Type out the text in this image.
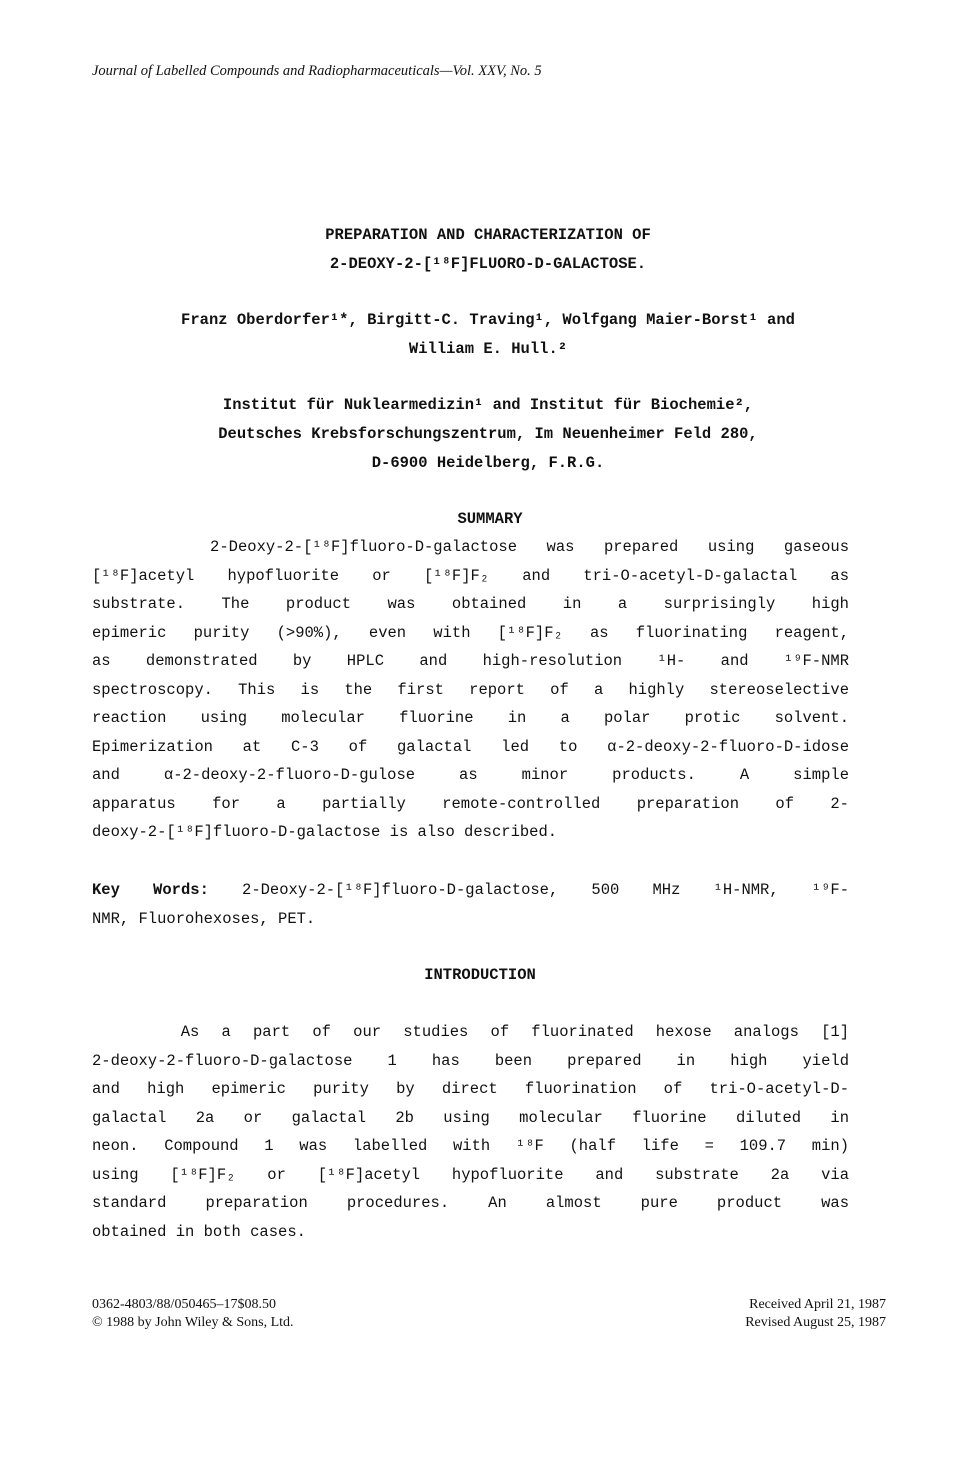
Journal of Labelled Compounds and Radiopharmaceuticals—Vol. XXV, No. 5
PREPARATION AND CHARACTERIZATION OF
2-DEOXY-2-[¹⁸F]FLUORO-D-GALACTOSE.
Franz Oberdorfer¹*, Birgitt-C. Traving¹, Wolfgang Maier-Borst¹ and
William E. Hull.²
Institut für Nuklearmedizin¹ and Institut für Biochemie²,
Deutsches Krebsforschungszentrum, Im Neuenheimer Feld 280,
D-6900 Heidelberg, F.R.G.
SUMMARY
2-Deoxy-2-[¹⁸F]fluoro-D-galactose was prepared using gaseous
[¹⁸F]acetyl hypofluorite or [¹⁸F]F₂ and tri-O-acetyl-D-galactal as
substrate. The product was obtained in a surprisingly high
epimeric purity (>90%), even with [¹⁸F]F₂ as fluorinating reagent,
as demonstrated by HPLC and high-resolution ¹H- and ¹⁹F-NMR
spectroscopy. This is the first report of a highly stereoselective
reaction using molecular fluorine in a polar protic solvent.
Epimerization at C-3 of galactal led to α-2-deoxy-2-fluoro-D-idose
and α-2-deoxy-2-fluoro-D-gulose as minor products. A simple
apparatus for a partially remote-controlled preparation of 2-
deoxy-2-[¹⁸F]fluoro-D-galactose is also described.
Key Words: 2-Deoxy-2-[¹⁸F]fluoro-D-galactose, 500 MHz ¹H-NMR, ¹⁹F-
NMR, Fluorohexoses, PET.
INTRODUCTION
As a part of our studies of fluorinated hexose analogs [1]
2-deoxy-2-fluoro-D-galactose 1 has been prepared in high yield
and high epimeric purity by direct fluorination of tri-O-acetyl-D-
galactal 2a or galactal 2b using molecular fluorine diluted in
neon. Compound 1 was labelled with ¹⁸F (half life = 109.7 min)
using [¹⁸F]F₂ or [¹⁸F]acetyl hypofluorite and substrate 2a via
standard preparation procedures. An almost pure product was
obtained in both cases.
0362-4803/88/050465–17$08.50
© 1988 by John Wiley & Sons, Ltd.
Received April 21, 1987
Revised August 25, 1987
